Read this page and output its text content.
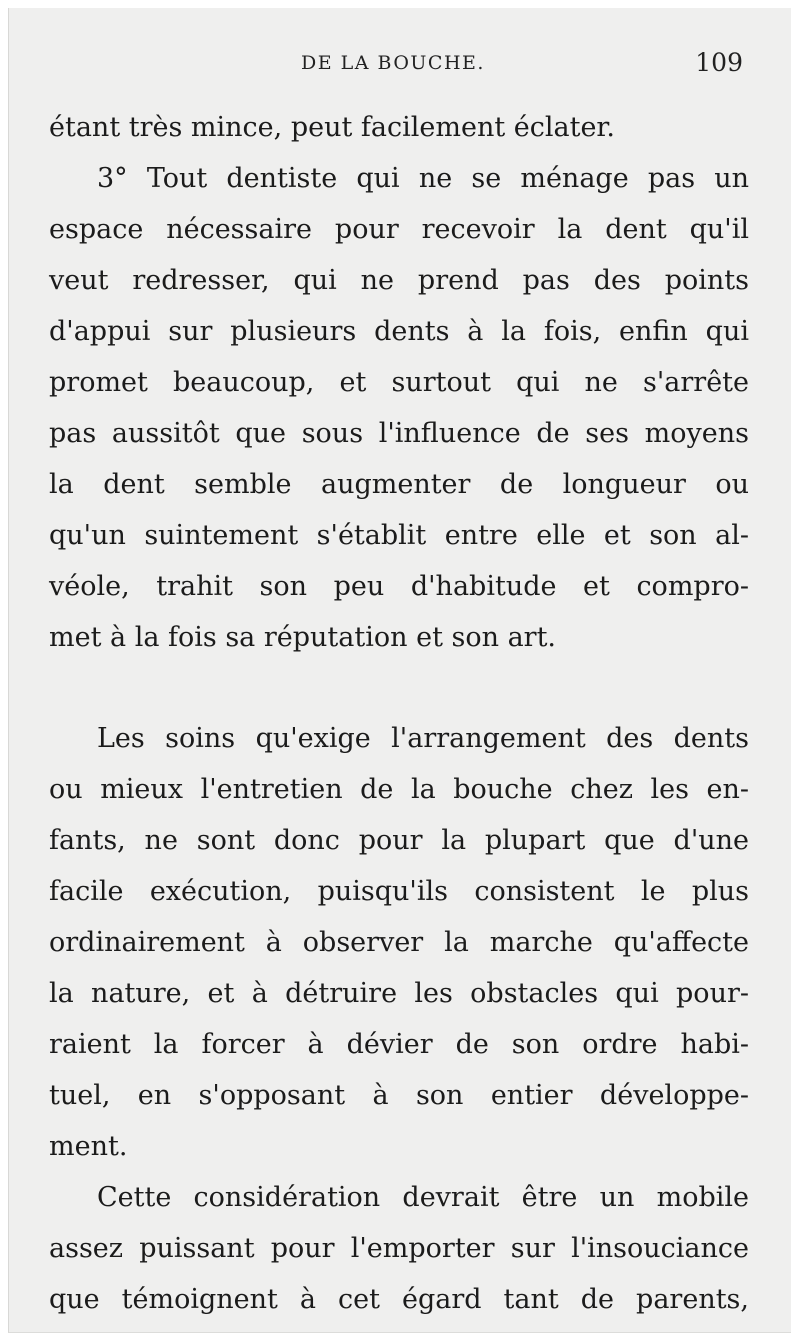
DE LA BOUCHE.	109
étant très mince, peut facilement éclater.
3° Tout dentiste qui ne se ménage pas un
espace nécessaire pour recevoir la dent qu'il
veut redresser, qui ne prend pas des points
d'appui sur plusieurs dents à la fois, enfin qui
promet beaucoup, et surtout qui ne s'arrête
pas aussitôt que sous l'influence de ses moyens
la dent semble augmenter de longueur ou
qu'un suintement s'établit entre elle et son al-
véole, trahit son peu d'habitude et compro-
met à la fois sa réputation et son art.
Les soins qu'exige l'arrangement des dents
ou mieux l'entretien de la bouche chez les en-
fants, ne sont donc pour la plupart que d'une
facile exécution, puisqu'ils consistent le plus
ordinairement à observer la marche qu'affecte
la nature, et à détruire les obstacles qui pour-
raient la forcer à dévier de son ordre habi-
tuel, en s'opposant à son entier développe-
ment.
Cette considération devrait être un mobile
assez puissant pour l'emporter sur l'insouciance
que témoignent à cet égard tant de parents,
